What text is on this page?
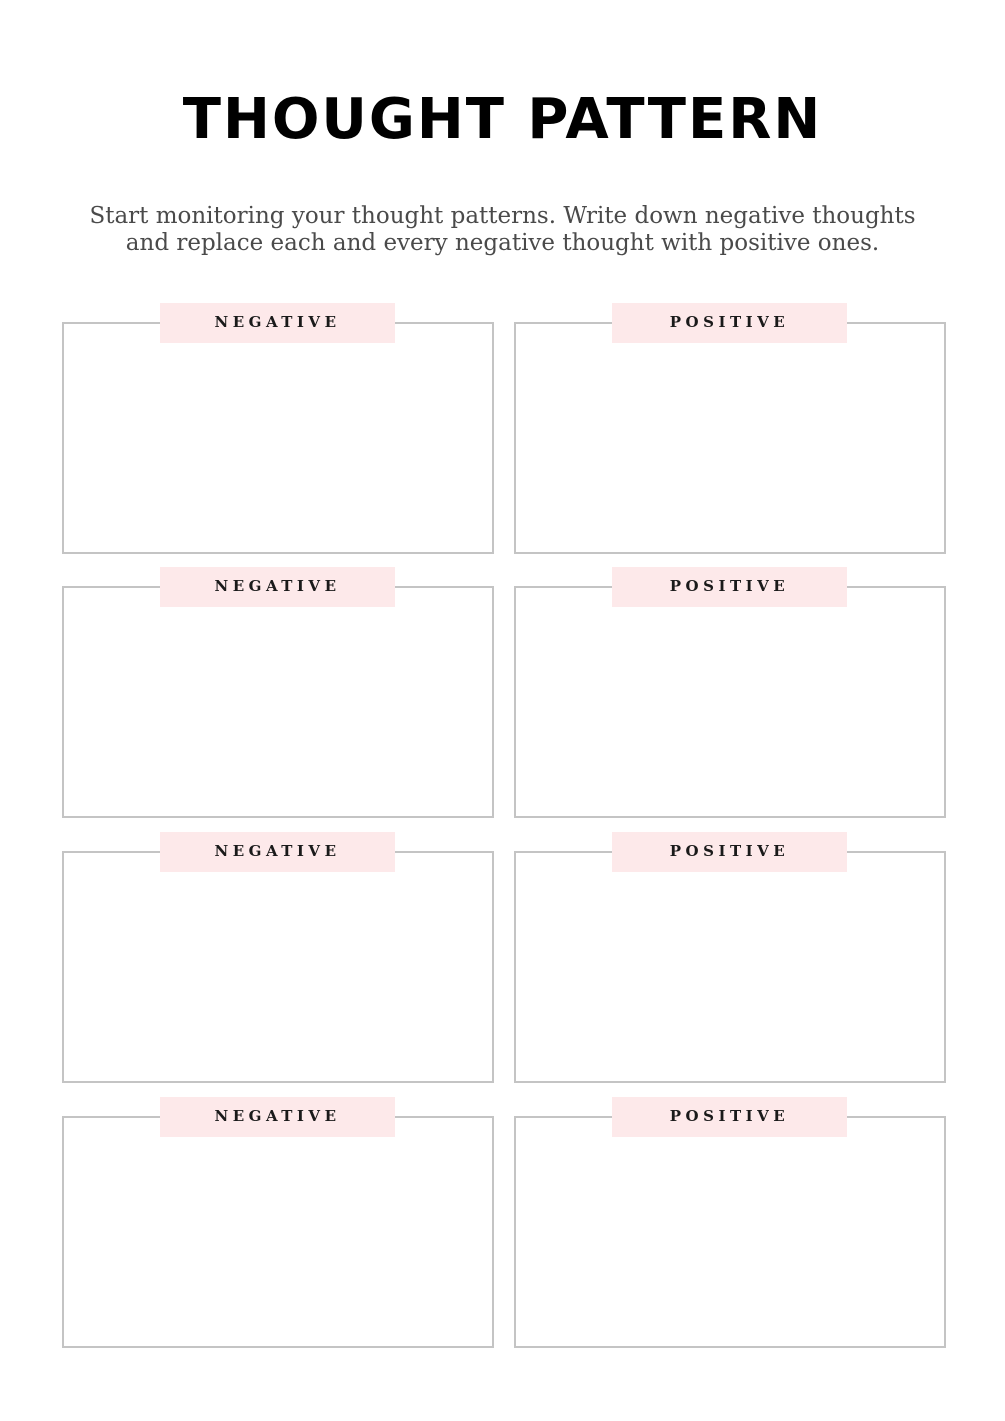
THOUGHT PATTERN

Start monitoring your thought patterns. Write down negative thoughts
and replace each and every negative thought with positive ones.

NEGATIVE	POSITIVE
NEGATIVE	POSITIVE
NEGATIVE	POSITIVE
NEGATIVE	POSITIVE
